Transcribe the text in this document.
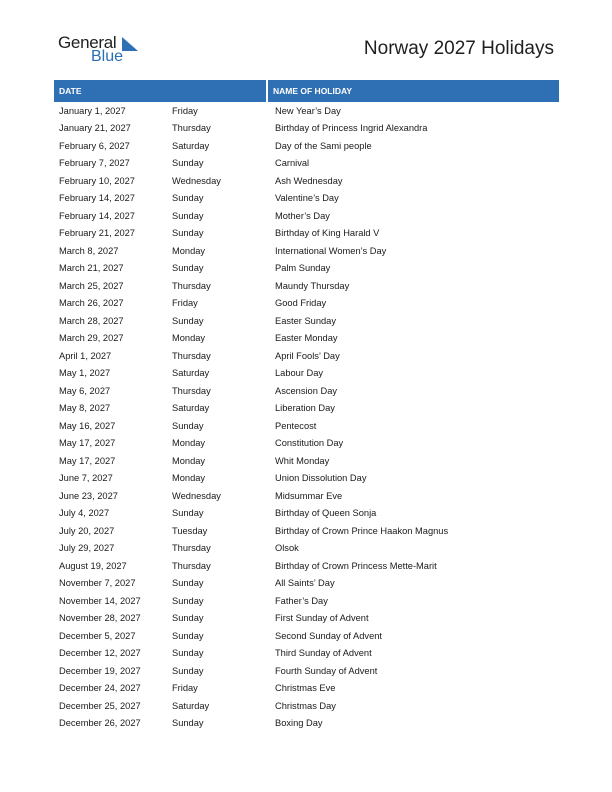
General
Blue	Norway 2027 Holidays
DATE	NAME OF HOLIDAY
January 1, 2027	Friday	New Year’s Day
January 21, 2027	Thursday	Birthday of Princess Ingrid Alexandra
February 6, 2027	Saturday	Day of the Sami people
February 7, 2027	Sunday	Carnival
February 10, 2027	Wednesday	Ash Wednesday
February 14, 2027	Sunday	Valentine’s Day
February 14, 2027	Sunday	Mother’s Day
February 21, 2027	Sunday	Birthday of King Harald V
March 8, 2027	Monday	International Women’s Day
March 21, 2027	Sunday	Palm Sunday
March 25, 2027	Thursday	Maundy Thursday
March 26, 2027	Friday	Good Friday
March 28, 2027	Sunday	Easter Sunday
March 29, 2027	Monday	Easter Monday
April 1, 2027	Thursday	April Fools’ Day
May 1, 2027	Saturday	Labour Day
May 6, 2027	Thursday	Ascension Day
May 8, 2027	Saturday	Liberation Day
May 16, 2027	Sunday	Pentecost
May 17, 2027	Monday	Constitution Day
May 17, 2027	Monday	Whit Monday
June 7, 2027	Monday	Union Dissolution Day
June 23, 2027	Wednesday	Midsummar Eve
July 4, 2027	Sunday	Birthday of Queen Sonja
July 20, 2027	Tuesday	Birthday of Crown Prince Haakon Magnus
July 29, 2027	Thursday	Olsok
August 19, 2027	Thursday	Birthday of Crown Princess Mette-Marit
November 7, 2027	Sunday	All Saints’ Day
November 14, 2027	Sunday	Father’s Day
November 28, 2027	Sunday	First Sunday of Advent
December 5, 2027	Sunday	Second Sunday of Advent
December 12, 2027	Sunday	Third Sunday of Advent
December 19, 2027	Sunday	Fourth Sunday of Advent
December 24, 2027	Friday	Christmas Eve
December 25, 2027	Saturday	Christmas Day
December 26, 2027	Sunday	Boxing Day
